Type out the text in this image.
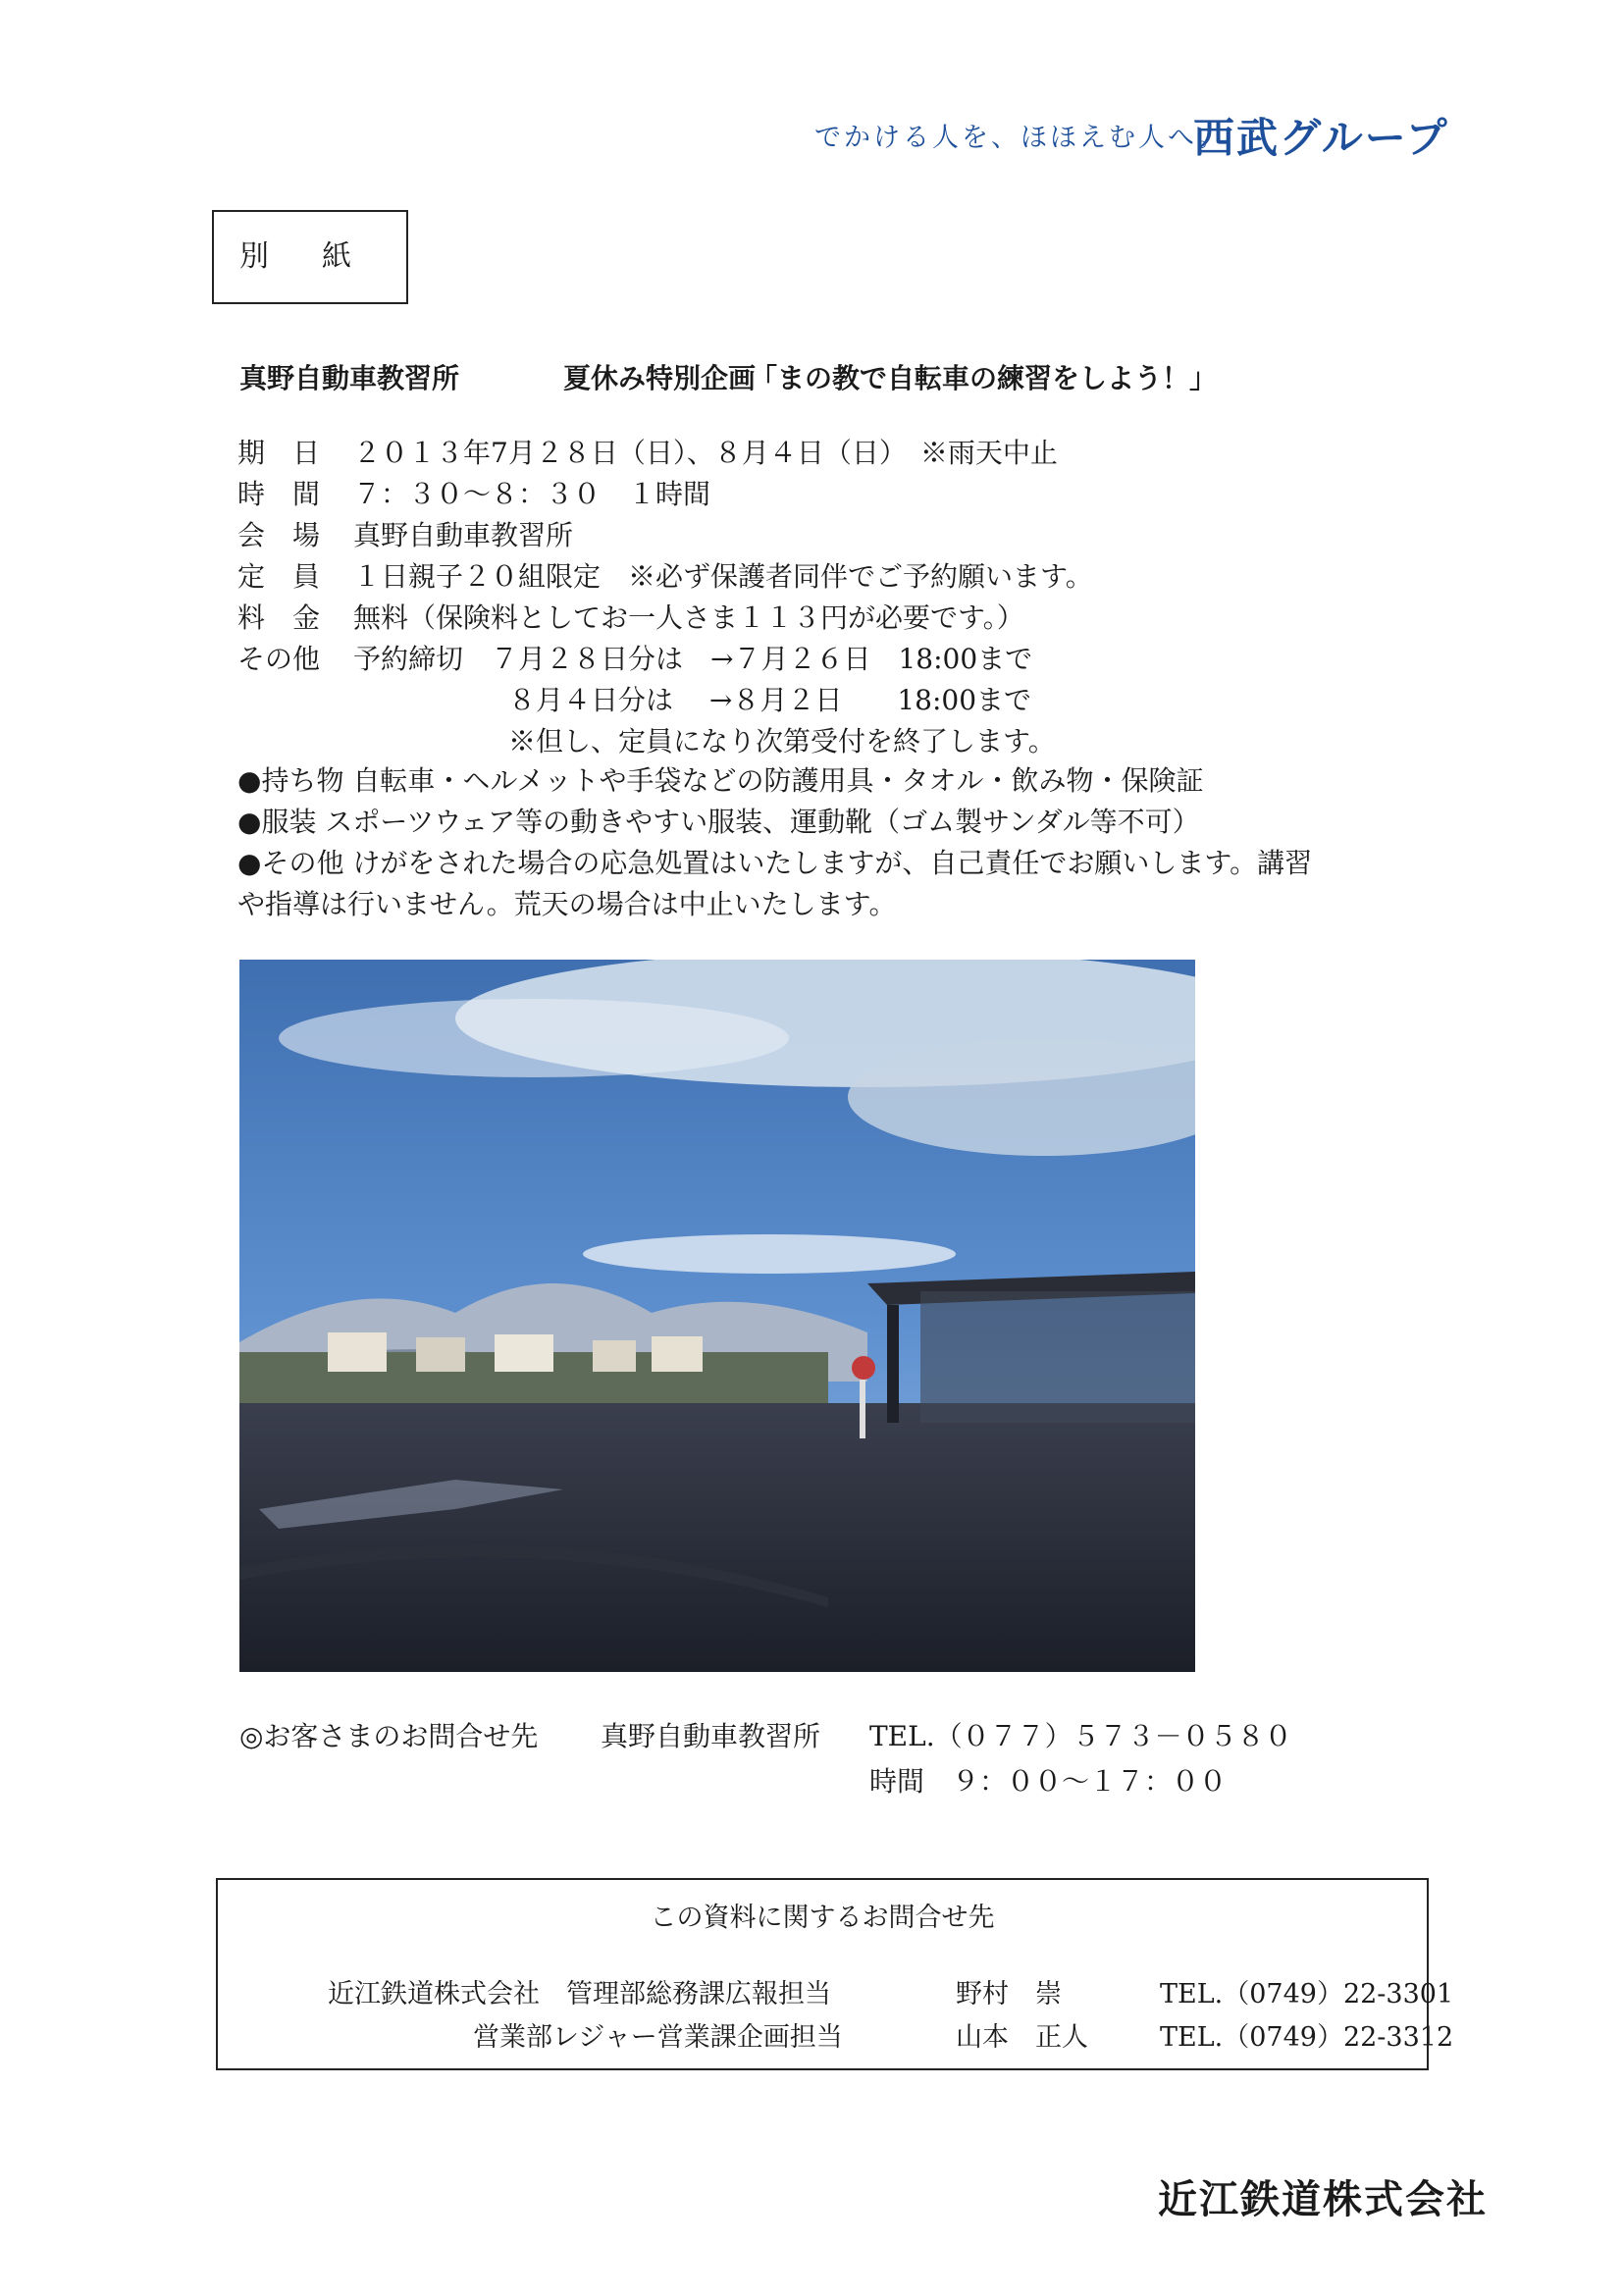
でかける人を、ほほえむ人へ。
西武グループ
別紙
真野自動車教習所	夏休み特別企画
「まの教で自転車の練習をしよう！」
期日 ２０１３年7月２８日（日）、８月４日（日）　※雨天中止
時間 ７：３０～８：３０　１時間
会場 真野自動車教習所
定員 １日親子２０組限定　※必ず保護者同伴でご予約願います。
料金 無料（保険料としてお一人さま１１３円が必要です。）
その他 予約締切　７月２８日分は　→７月２６日　18:00まで
８月４日分は　 →８月２日　　18:00まで
※但し、定員になり次第受付を終了します。
● 持ち物 自転車・ヘルメットや手袋などの防護用具・タオル・飲み物・保険証
● 服装 スポーツウェア等の動きやすい服装、運動靴（ゴム製サンダル等不可）
● その他 けがをされた場合の応急処置はいたしますが、自己責任でお願いします。講習
や指導は行いません。荒天の場合は中止いたします。
◎お客さまのお問合せ先 真野自動車教習所 TEL.（０７７）５７３－０５８０
時間　９：００～１７：００
この資料に関するお問合せ先
近江鉄道株式会社　管理部総務課広報担当	野村　崇	TEL.（0749）22-3301
営業部レジャー営業課企画担当	山本　正人	TEL.（0749）22-3312
近江鉄道株式会社
